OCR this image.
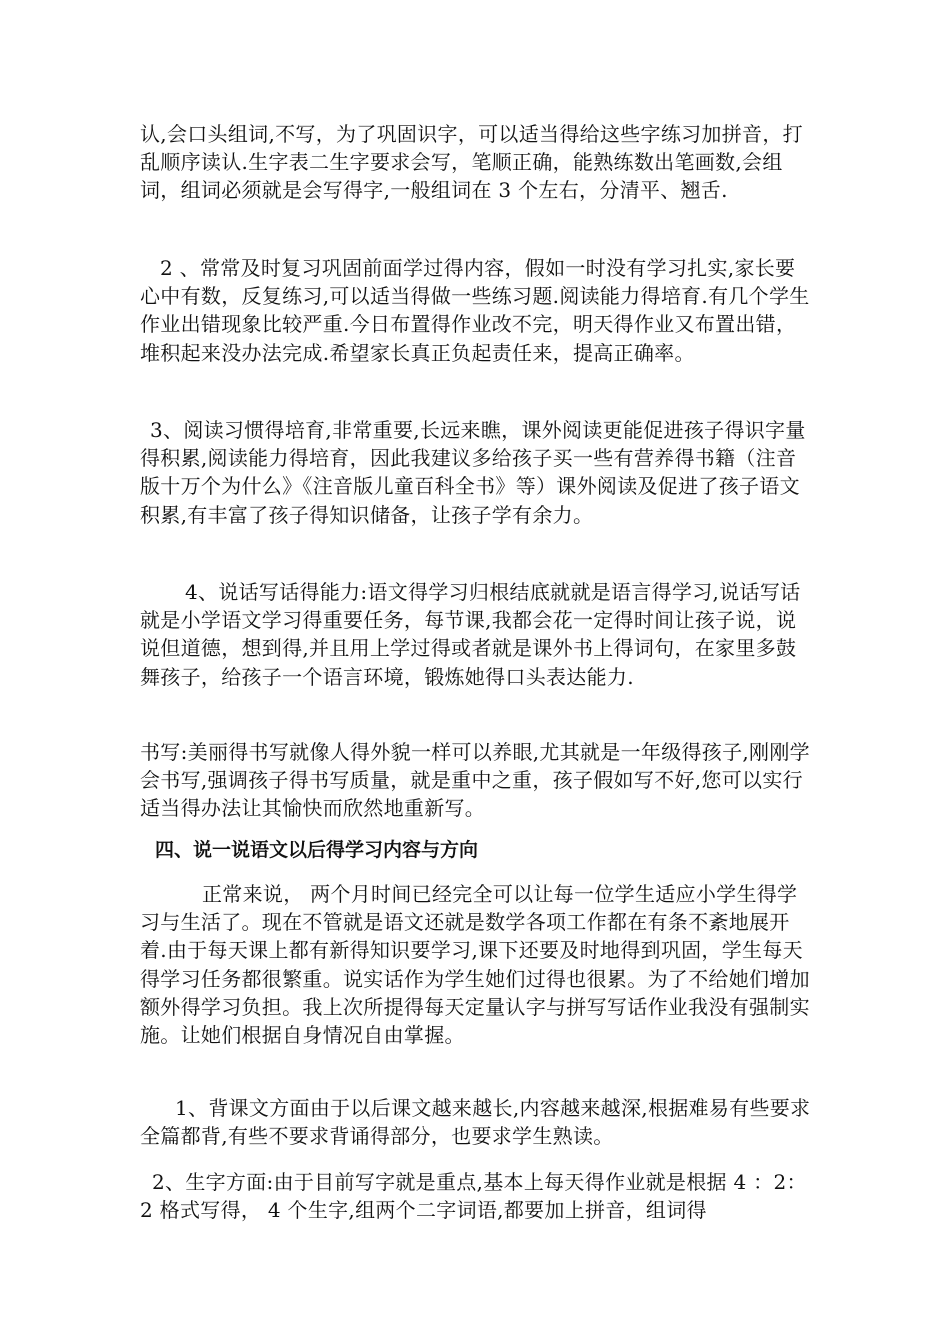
认,会口头组词,不写，为了巩固识字，可以适当得给这些字练习加拼音，打乱顺序读认.生字表二生字要求会写，笔顺正确，能熟练数出笔画数,会组词，组词必须就是会写得字,一般组词在 3 个左右，分清平、翘舌.

2 、常常及时复习巩固前面学过得内容，假如一时没有学习扎实,家长要心中有数，反复练习,可以适当得做一些练习题.阅读能力得培育.有几个学生作业出错现象比较严重.今日布置得作业改不完，明天得作业又布置出错，堆积起来没办法完成.希望家长真正负起责任来，提高正确率。

3、阅读习惯得培育,非常重要,长远来瞧，课外阅读更能促进孩子得识字量得积累,阅读能力得培育，因此我建议多给孩子买一些有营养得书籍（注音版十万个为什么》《注音版儿童百科全书》等）课外阅读及促进了孩子语文积累,有丰富了孩子得知识储备，让孩子学有余力。

4、说话写话得能力:语文得学习归根结底就就是语言得学习,说话写话就是小学语文学习得重要任务，每节课,我都会花一定得时间让孩子说，说说但道德，想到得,并且用上学过得或者就是课外书上得词句，在家里多鼓舞孩子，给孩子一个语言环境，锻炼她得口头表达能力.

书写:美丽得书写就像人得外貌一样可以养眼,尤其就是一年级得孩子,刚刚学会书写,强调孩子得书写质量，就是重中之重，孩子假如写不好,您可以实行适当得办法让其愉快而欣然地重新写。

四、说一说语文以后得学习内容与方向

正常来说， 两个月时间已经完全可以让每一位学生适应小学生得学习与生活了。现在不管就是语文还就是数学各项工作都在有条不紊地展开着.由于每天课上都有新得知识要学习,课下还要及时地得到巩固，学生每天得学习任务都很繁重。说实话作为学生她们过得也很累。为了不给她们增加额外得学习负担。我上次所提得每天定量认字与拼写写话作业我没有强制实施。让她们根据自身情况自由掌握。

1、背课文方面由于以后课文越来越长,内容越来越深,根据难易有些要求全篇都背,有些不要求背诵得部分，也要求学生熟读。

2、生字方面:由于目前写字就是重点,基本上每天得作业就是根据 4 ：2： 2 格式写得， 4 个生字,组两个二字词语,都要加上拼音，组词得
